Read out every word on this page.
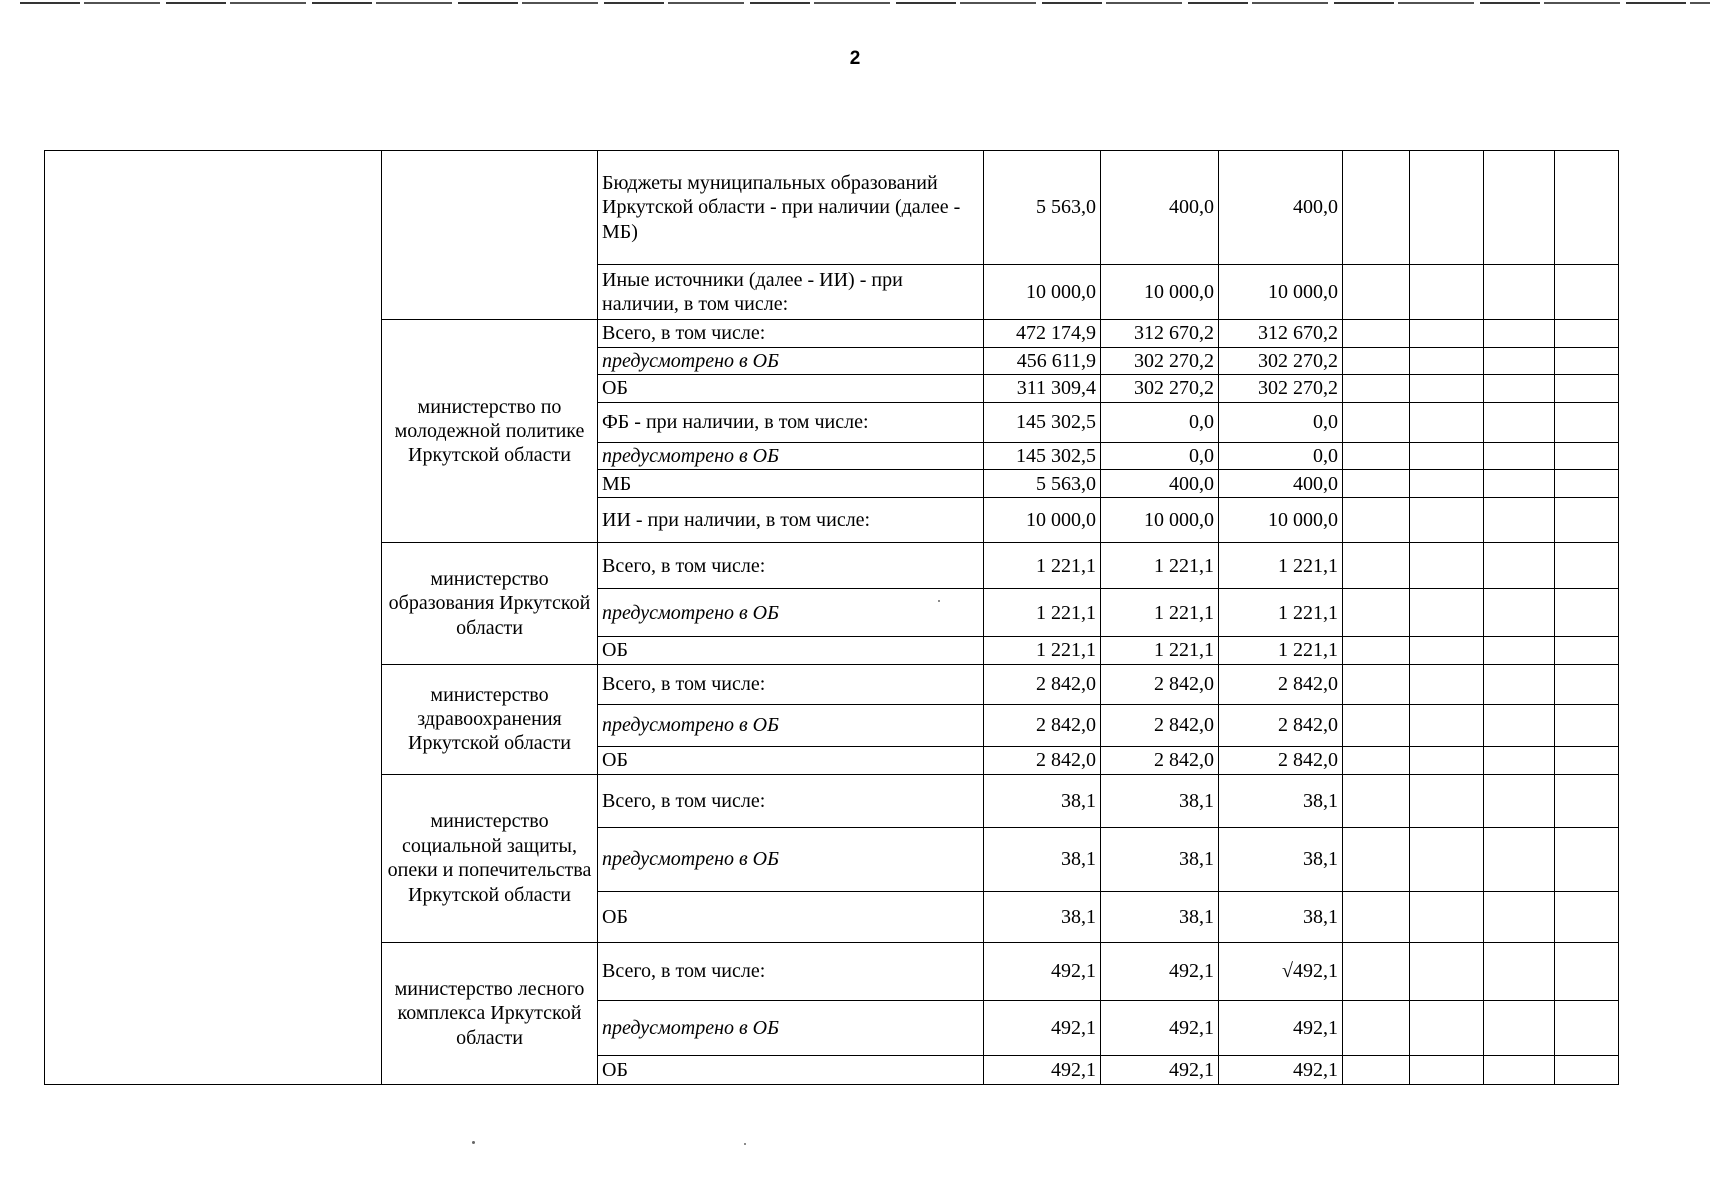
2
		Бюджеты муниципальных образований Иркутской области - при наличии (далее - МБ)	5 563,0	400,0	400,0				
		Иные источники (далее - ИИ) - при наличии, в том числе:	10 000,0	10 000,0	10 000,0				
	министерство по молодежной политике Иркутской области	Всего, в том числе:	472 174,9	312 670,2	312 670,2				
		предусмотрено в ОБ	456 611,9	302 270,2	302 270,2				
		ОБ	311 309,4	302 270,2	302 270,2				
		ФБ - при наличии, в том числе:	145 302,5	0,0	0,0				
		предусмотрено в ОБ	145 302,5	0,0	0,0				
		МБ	5 563,0	400,0	400,0				
		ИИ - при наличии, в том числе:	10 000,0	10 000,0	10 000,0				
	министерство образования Иркутской области	Всего, в том числе:	1 221,1	1 221,1	1 221,1				
		предусмотрено в ОБ	1 221,1	1 221,1	1 221,1				
		ОБ	1 221,1	1 221,1	1 221,1				
	министерство здравоохранения Иркутской области	Всего, в том числе:	2 842,0	2 842,0	2 842,0				
		предусмотрено в ОБ	2 842,0	2 842,0	2 842,0				
		ОБ	2 842,0	2 842,0	2 842,0				
	министерство социальной защиты, опеки и попечительства Иркутской области	Всего, в том числе:	38,1	38,1	38,1				
		предусмотрено в ОБ	38,1	38,1	38,1				
		ОБ	38,1	38,1	38,1				
	министерство лесного комплекса Иркутской области	Всего, в том числе:	492,1	492,1	√492,1				
		предусмотрено в ОБ	492,1	492,1	492,1				
		ОБ	492,1	492,1	492,1				
